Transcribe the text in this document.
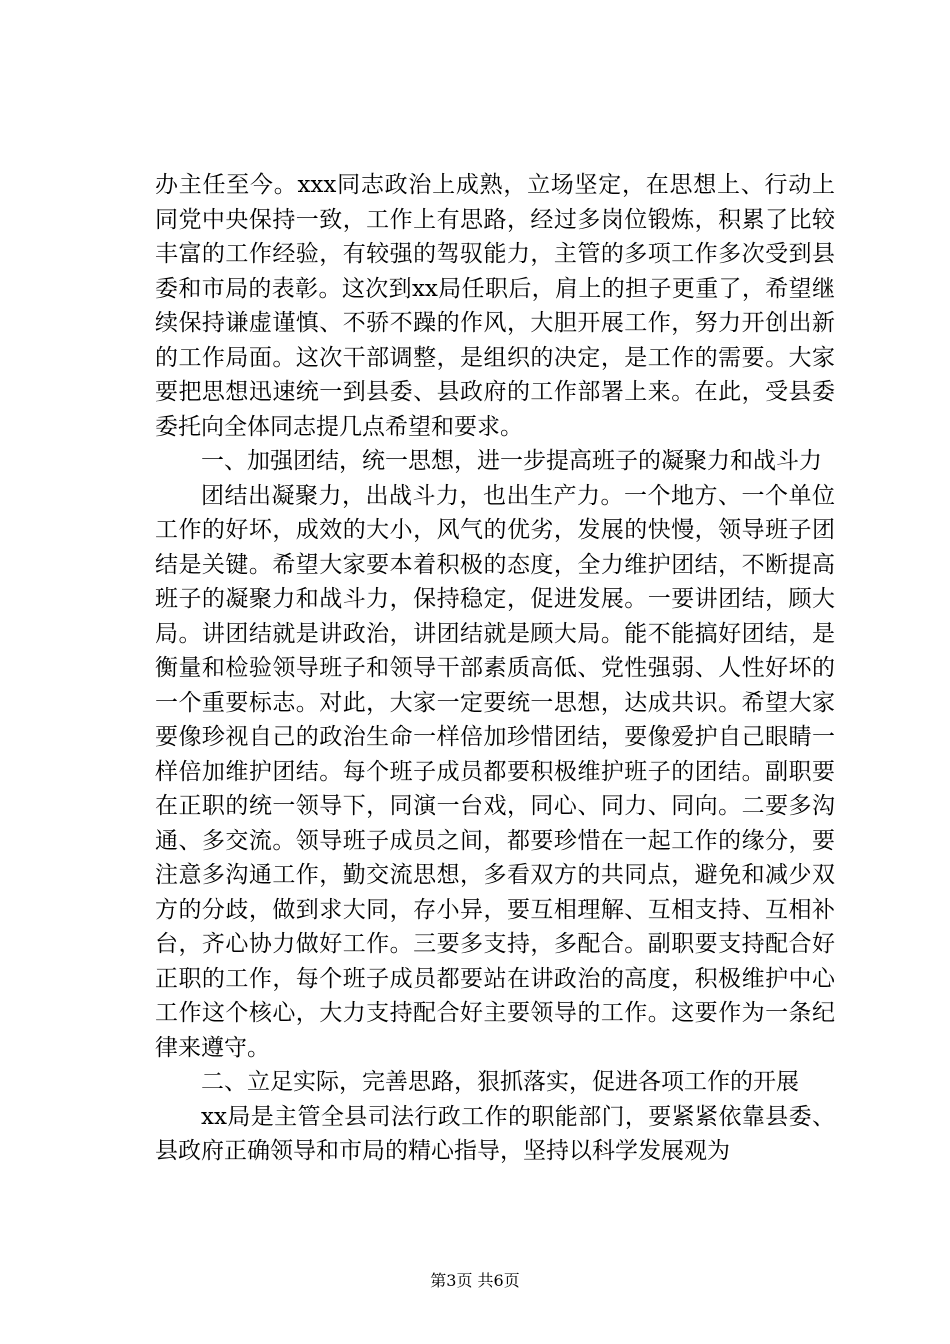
办主任至今。xxx同志政治上成熟，立场坚定，在思想上、行动上同党中央保持一致，工作上有思路，经过多岗位锻炼，积累了比较丰富的工作经验，有较强的驾驭能力，主管的多项工作多次受到县委和市局的表彰。这次到xx局任职后，肩上的担子更重了，希望继续保持谦虚谨慎、不骄不躁的作风，大胆开展工作，努力开创出新的工作局面。这次干部调整，是组织的决定，是工作的需要。大家要把思想迅速统一到县委、县政府的工作部署上来。在此，受县委委托向全体同志提几点希望和要求。

一、加强团结，统一思想，进一步提高班子的凝聚力和战斗力

团结出凝聚力，出战斗力，也出生产力。一个地方、一个单位工作的好坏，成效的大小，风气的优劣，发展的快慢，领导班子团结是关键。希望大家要本着积极的态度，全力维护团结，不断提高班子的凝聚力和战斗力，保持稳定，促进发展。一要讲团结，顾大局。讲团结就是讲政治，讲团结就是顾大局。能不能搞好团结，是衡量和检验领导班子和领导干部素质高低、党性强弱、人性好坏的一个重要标志。对此，大家一定要统一思想，达成共识。希望大家要像珍视自己的政治生命一样倍加珍惜团结，要像爱护自己眼睛一样倍加维护团结。每个班子成员都要积极维护班子的团结。副职要在正职的统一领导下，同演一台戏，同心、同力、同向。二要多沟通、多交流。领导班子成员之间，都要珍惜在一起工作的缘分，要注意多沟通工作，勤交流思想，多看双方的共同点，避免和减少双方的分歧，做到求大同，存小异，要互相理解、互相支持、互相补台，齐心协力做好工作。三要多支持，多配合。副职要支持配合好正职的工作，每个班子成员都要站在讲政治的高度，积极维护中心工作这个核心，大力支持配合好主要领导的工作。这要作为一条纪律来遵守。

二、立足实际，完善思路，狠抓落实，促进各项工作的开展

xx局是主管全县司法行政工作的职能部门，要紧紧依靠县委、县政府正确领导和市局的精心指导，坚持以科学发展观为

第3页 共6页
